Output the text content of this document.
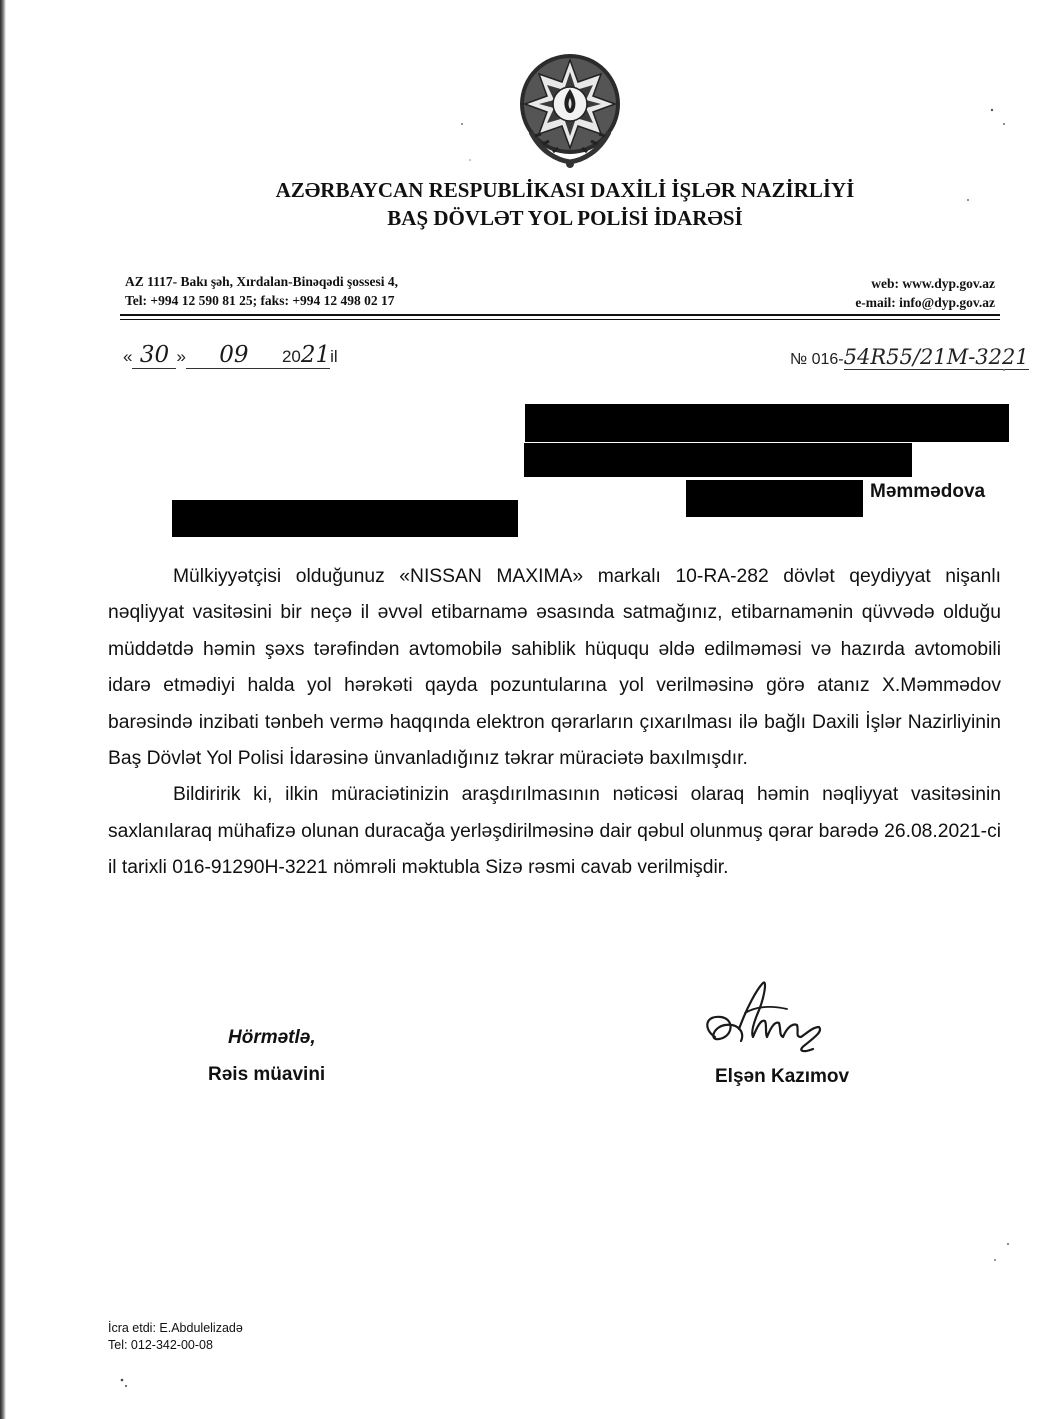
AZƏRBAYCAN RESPUBLİKASI DAXİLİ İŞLƏR NAZİRLİYİ
BAŞ DÖVLƏT YOL POLİSİ İDARƏSİ
AZ 1117- Bakı şəh, Xırdalan-Binəqədi şossesi 4,
Tel: +994 12 590 81 25; faks: +994 12 498 02 17
web: www.dyp.gov.az
e-mail: info@dyp.gov.az
« 30 » 09 2021il	№ 016-54R55/21M-3221
Məmmədova

Mülkiyyətçisi olduğunuz «NISSAN MAXIMA» markalı 10-RA-282 dövlət qeydiyyat nişanlı nəqliyyat vasitəsini bir neçə il əvvəl etibarnamə əsasında satmağınız, etibarnamənin qüvvədə olduğu müddətdə həmin şəxs tərəfindən avtomobilə sahiblik hüququ əldə edilməməsi və hazırda avtomobili idarə etmədiyi halda yol hərəkəti qayda pozuntularına yol verilməsinə görə atanız X.Məmmədov barəsində inzibati tənbeh vermə haqqında elektron qərarların çıxarılması ilə bağlı Daxili İşlər Nazirliyinin Baş Dövlət Yol Polisi İdarəsinə ünvanladığınız təkrar müraciətə baxılmışdır.

Bildiririk ki, ilkin müraciətinizin araşdırılmasının nəticəsi olaraq həmin nəqliyyat vasitəsinin saxlanılaraq mühafizə olunan duracağa yerləşdirilməsinə dair qəbul olunmuş qərar barədə 26.08.2021-ci il tarixli 016-91290H-3221 nömrəli məktubla Sizə rəsmi cavab verilmişdir.

Hörmətlə,
Rəis müavini	Elşən Kazımov
İcra etdi: E.Abdulelizadə
Tel: 012-342-00-08
